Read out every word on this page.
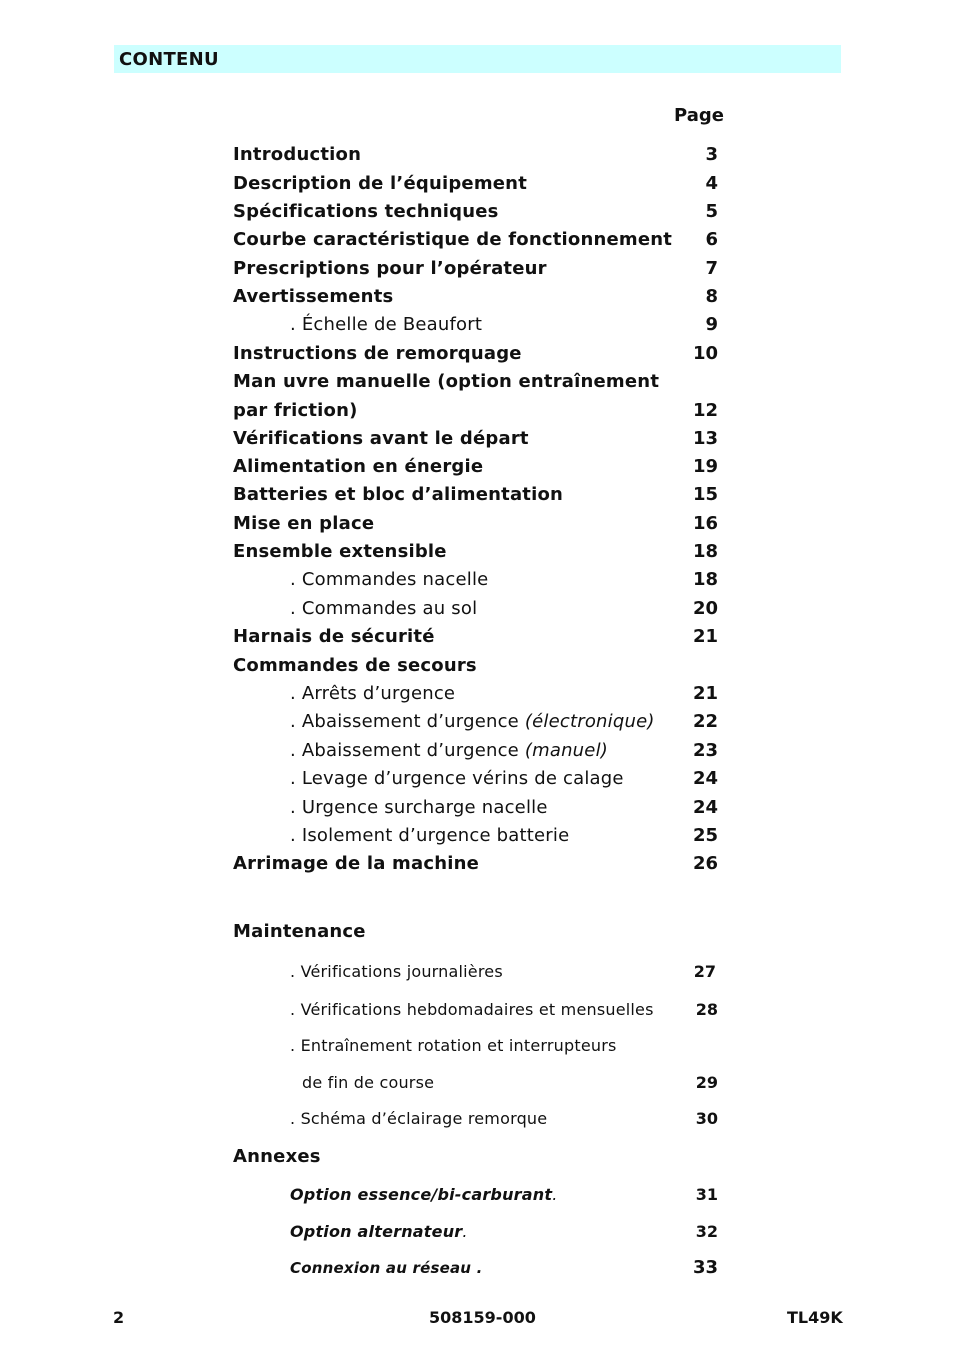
CONTENU
Page
Introduction	3
Description de l’équipement	4
Spécifications techniques	5
Courbe caractéristique de fonctionnement 6
Prescriptions pour l’opérateur	7
Avertissements	8
. Échelle de Beaufort	9
Instructions de remorquage	10
Man uvre manuelle (option entraînement
par friction)	12
Vérifications avant le départ	13
Alimentation en énergie	19
Batteries et bloc d’alimentation	15
Mise en place	16
Ensemble extensible	18
. Commandes nacelle	18
. Commandes au sol	20
Harnais de sécurité	21
Commandes de secours
. Arrêts d’urgence	21
. Abaissement d’urgence (électronique) 22
. Abaissement d’urgence (manuel)	23
. Levage d’urgence vérins de calage	24
. Urgence surcharge nacelle	24
. Isolement d’urgence batterie	25
Arrimage de la machine	26
Maintenance
. Vérifications journalières	27
. Vérifications hebdomadaires et mensuelles	28
. Entraînement rotation et interrupteurs
de fin de course	29
. Schéma d’éclairage remorque	30
Annexes
Option essence/bi-carburant.	31
Option alternateur.	32
Connexion au réseau .	33
2	508159-000	TL49K
